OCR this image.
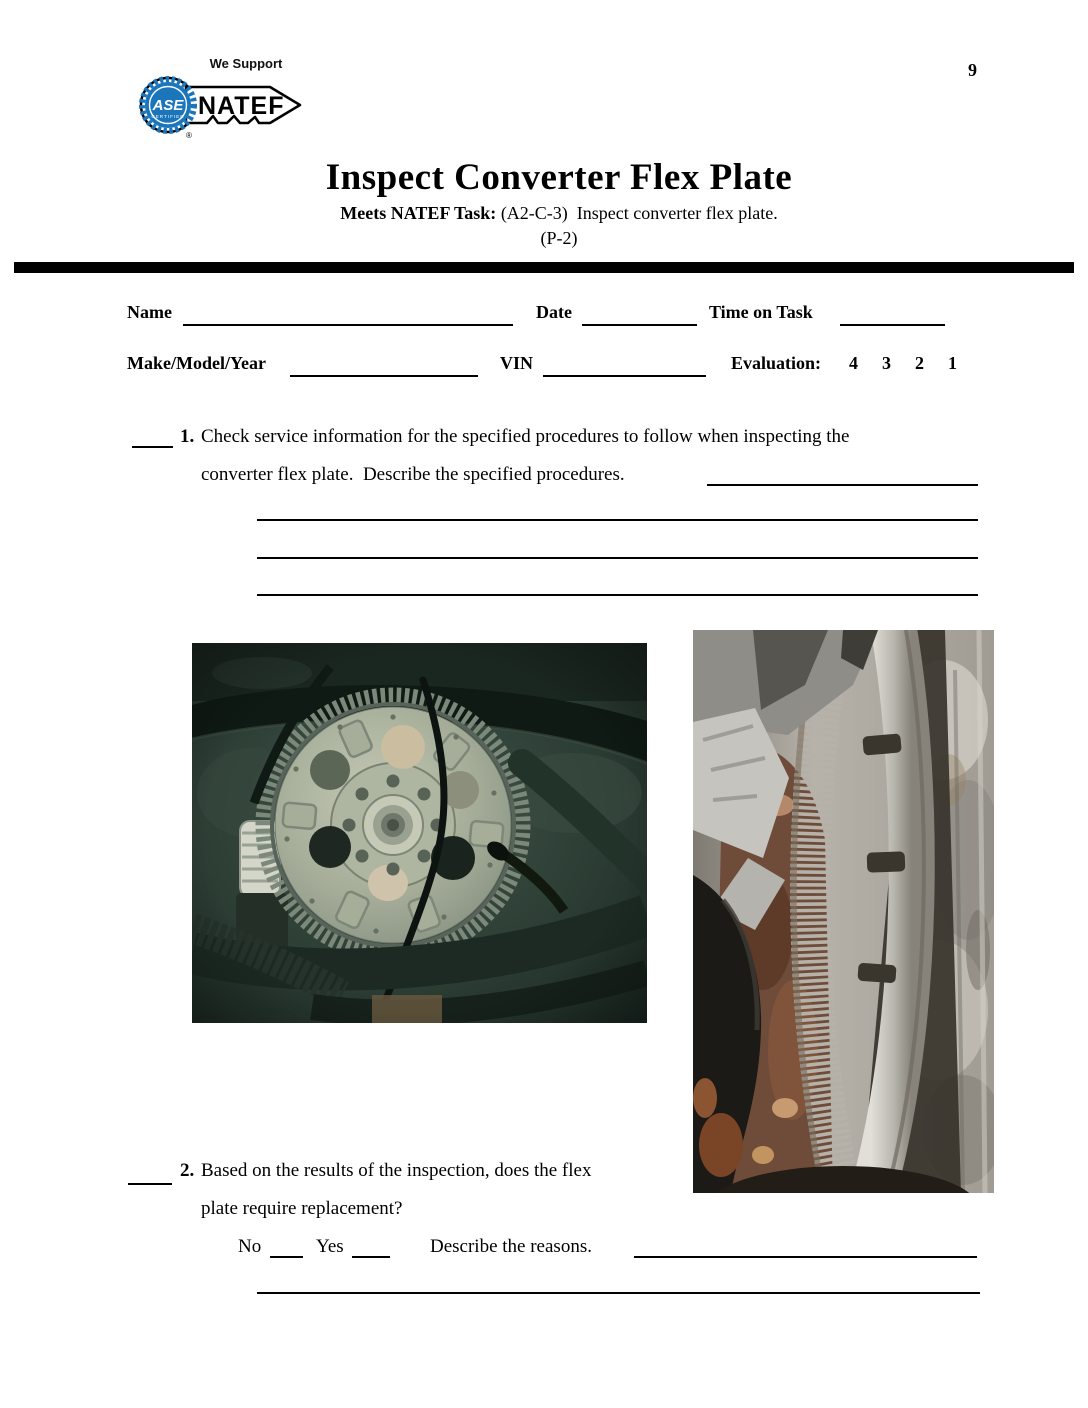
9
We Support
ASE
CERTIFIED NATEF
®
Inspect Converter Flex Plate
Meets NATEF Task: (A2-C-3)  Inspect converter flex plate.
(P-2)
Name	Date	Time on Task
Make/Model/Year	VIN	Evaluation: 4 3 2 1
1. Check service information for the specified procedures to follow when inspecting the
converter flex plate.  Describe the specified procedures.
2. Based on the results of the inspection, does the flex
plate require replacement?
No	Yes	Describe the reasons.
